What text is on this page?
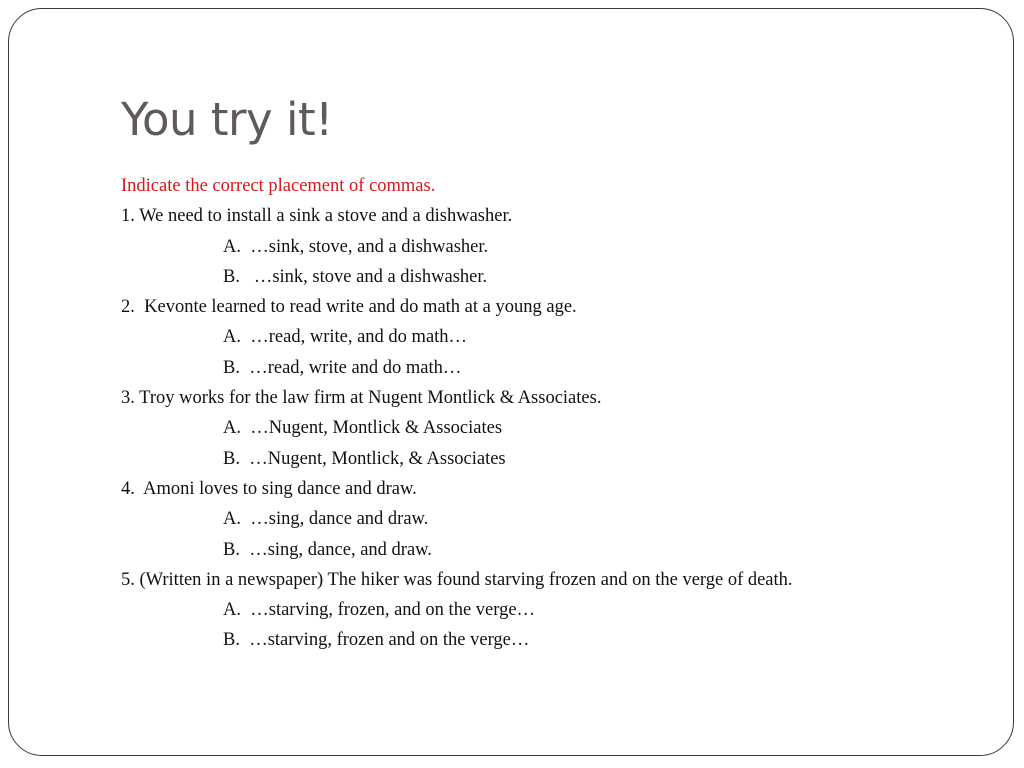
You try it!
Indicate the correct placement of commas.
1. We need to install a sink a stove and a dishwasher.
A.  …sink, stove, and a dishwasher.
B.   …sink, stove and a dishwasher.
2.  Kevonte learned to read write and do math at a young age.
A.  …read, write, and do math…
B.  …read, write and do math…
3. Troy works for the law firm at Nugent Montlick & Associates.
A.  …Nugent, Montlick & Associates
B.  …Nugent, Montlick, & Associates
4.  Amoni loves to sing dance and draw.
A.  …sing, dance and draw.
B.  …sing, dance, and draw.
5. (Written in a newspaper) The hiker was found starving frozen and on the verge of death.
A.  …starving, frozen, and on the verge…
B.  …starving, frozen and on the verge…
